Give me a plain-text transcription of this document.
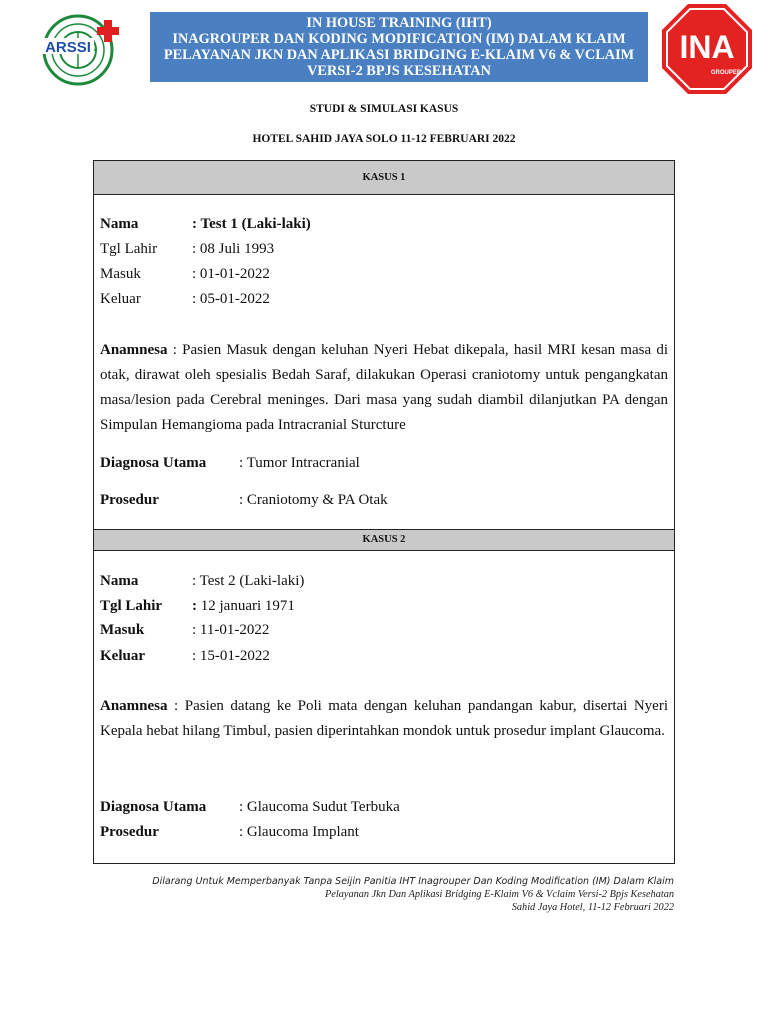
ARSSI
IN HOUSE TRAINING (IHT)
INAGROUPER DAN KODING MODIFICATION (IM) DALAM KLAIM
PELAYANAN JKN DAN APLIKASI BRIDGING E-KLAIM V6 & VCLAIM
VERSI-2 BPJS KESEHATAN
INA
GROUPER
STUDI & SIMULASI KASUS
HOTEL SAHID JAYA SOLO 11-12 FEBRUARI 2022
KASUS 1
KASUS 2
Nama	: Test 1 (Laki-laki)
Tgl Lahir : 08 Juli 1993
Masuk	: 01-01-2022
Keluar	: 05-01-2022
Anamnesa : Pasien Masuk dengan keluhan Nyeri Hebat dikepala, hasil MRI kesan masa di otak, dirawat oleh spesialis Bedah Saraf, dilakukan Operasi craniotomy untuk pengangkatan masa/lesion pada Cerebral meninges. Dari masa yang sudah diambil dilanjutkan PA dengan Simpulan Hemangioma pada Intracranial Sturcture
Diagnosa Utama : Tumor Intracranial
Prosedur	: Craniotomy & PA Otak
Nama	: Test 2 (Laki-laki)
Tgl Lahir : 12 januari 1971
Masuk	: 11-01-2022
Keluar	: 15-01-2022
Anamnesa : Pasien datang ke Poli mata dengan keluhan pandangan kabur, disertai Nyeri Kepala hebat hilang Timbul, pasien diperintahkan mondok untuk prosedur implant Glaucoma.
Diagnosa Utama : Glaucoma Sudut Terbuka
Prosedur	: Glaucoma Implant
Dilarang Untuk Memperbanyak Tanpa Seijin Panitia IHT Inagrouper Dan Koding Modification (IM) Dalam Klaim
Pelayanan Jkn Dan Aplikasi Bridging E-Klaim V6 & Vclaim Versi-2 Bpjs Kesehatan
Sahid Jaya Hotel, 11-12 Februari 2022
